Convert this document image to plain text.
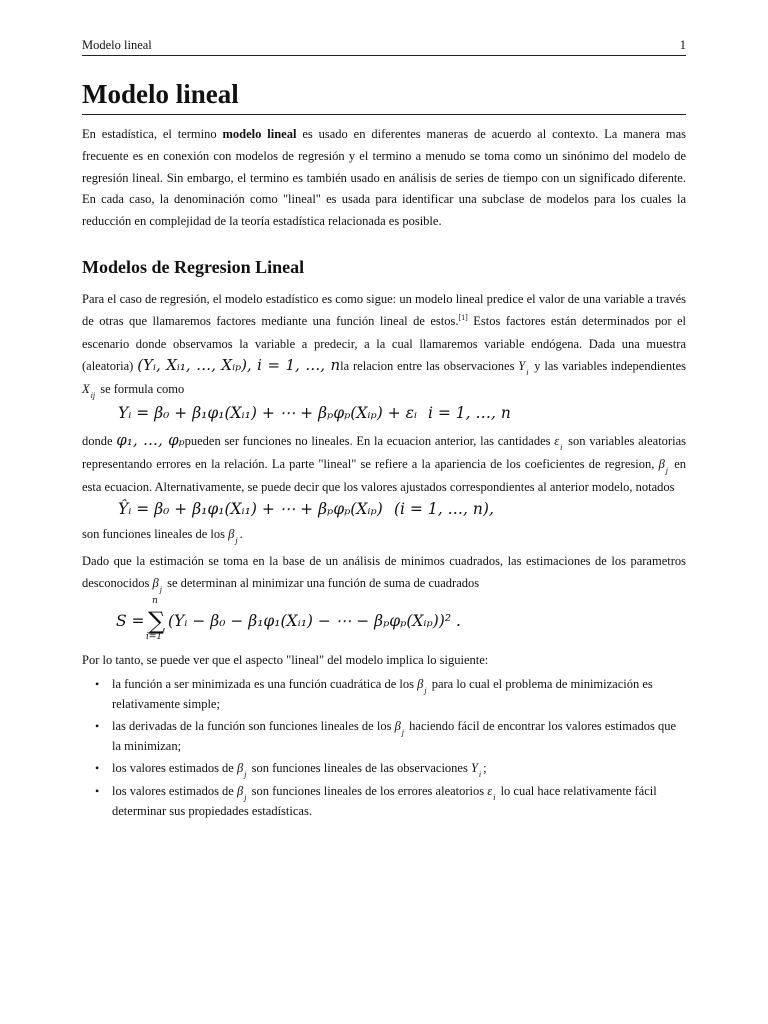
Modelo lineal	1
Modelo lineal

En estadística, el termino modelo lineal es usado en diferentes maneras de acuerdo al contexto. La manera mas frecuente es en conexión con modelos de regresión y el termino a menudo se toma como un sinónimo del modelo de regresión lineal. Sin embargo, el termino es también usado en análisis de series de tiempo con un significado diferente. En cada caso, la denominación como "lineal" es usada para identificar una subclase de modelos para los cuales la reducción en complejidad de la teoría estadística relacionada es posible.

Modelos de Regresion Lineal

Para el caso de regresión, el modelo estadístico es como sigue: un modelo lineal predice el valor de una variable a través de otras que llamaremos factores mediante una función lineal de estos.[1] Estos factores están determinados por el escenario donde observamos la variable a predecir, a la cual llamaremos variable endógena. Dada una muestra (aleatoria) (Yᵢ, Xᵢ₁, …, Xᵢₚ), i = 1, …, nla relacion entre las observaciones $Y_i$ y las variables independientes $X_{ij}$ se formula como

Yᵢ = β₀ + β₁φ₁(Xᵢ₁) + ⋯ + βₚφₚ(Xᵢₚ) + εᵢ i = 1, …, n

donde φ₁, …, φₚpueden ser funciones no lineales. En la ecuacion anterior, las cantidades $\varepsilon_i$ son variables aleatorias representando errores en la relación. La parte "lineal" se refiere a la apariencia de los coeficientes de regresion, $\beta_j$ en esta ecuacion. Alternativamente, se puede decir que los valores ajustados correspondientes al anterior modelo, notados

Ŷᵢ = β₀ + β₁φ₁(Xᵢ₁) + ⋯ + βₚφₚ(Xᵢₚ) (i = 1, …, n),

son funciones lineales de los $\beta_j$ .

Dado que la estimación se toma en la base de un análisis de minimos cuadrados, las estimaciones de los parametros desconocidos $\beta_j$ se determinan al minimizar una función de suma de cuadrados

S = ∑
n
i=1
(Yᵢ − β₀ − β₁φ₁(Xᵢ₁) − ⋯ − βₚφₚ(Xᵢₚ))² .

Por lo tanto, se puede ver que el aspecto "lineal" del modelo implica lo siguiente:

• la función a ser minimizada es una función cuadrática de los $\beta_j$ para lo cual el problema de minimización es relativamente simple;
• las derivadas de la función son funciones lineales de los $\beta_j$ haciendo fácil de encontrar los valores estimados que la minimizan;
• los valores estimados de $\beta_j$ son funciones lineales de las observaciones $Y_i$ ;
• los valores estimados de $\beta_j$ son funciones lineales de los errores aleatorios $\varepsilon_i$ lo cual hace relativamente fácil determinar sus propiedades estadísticas.
